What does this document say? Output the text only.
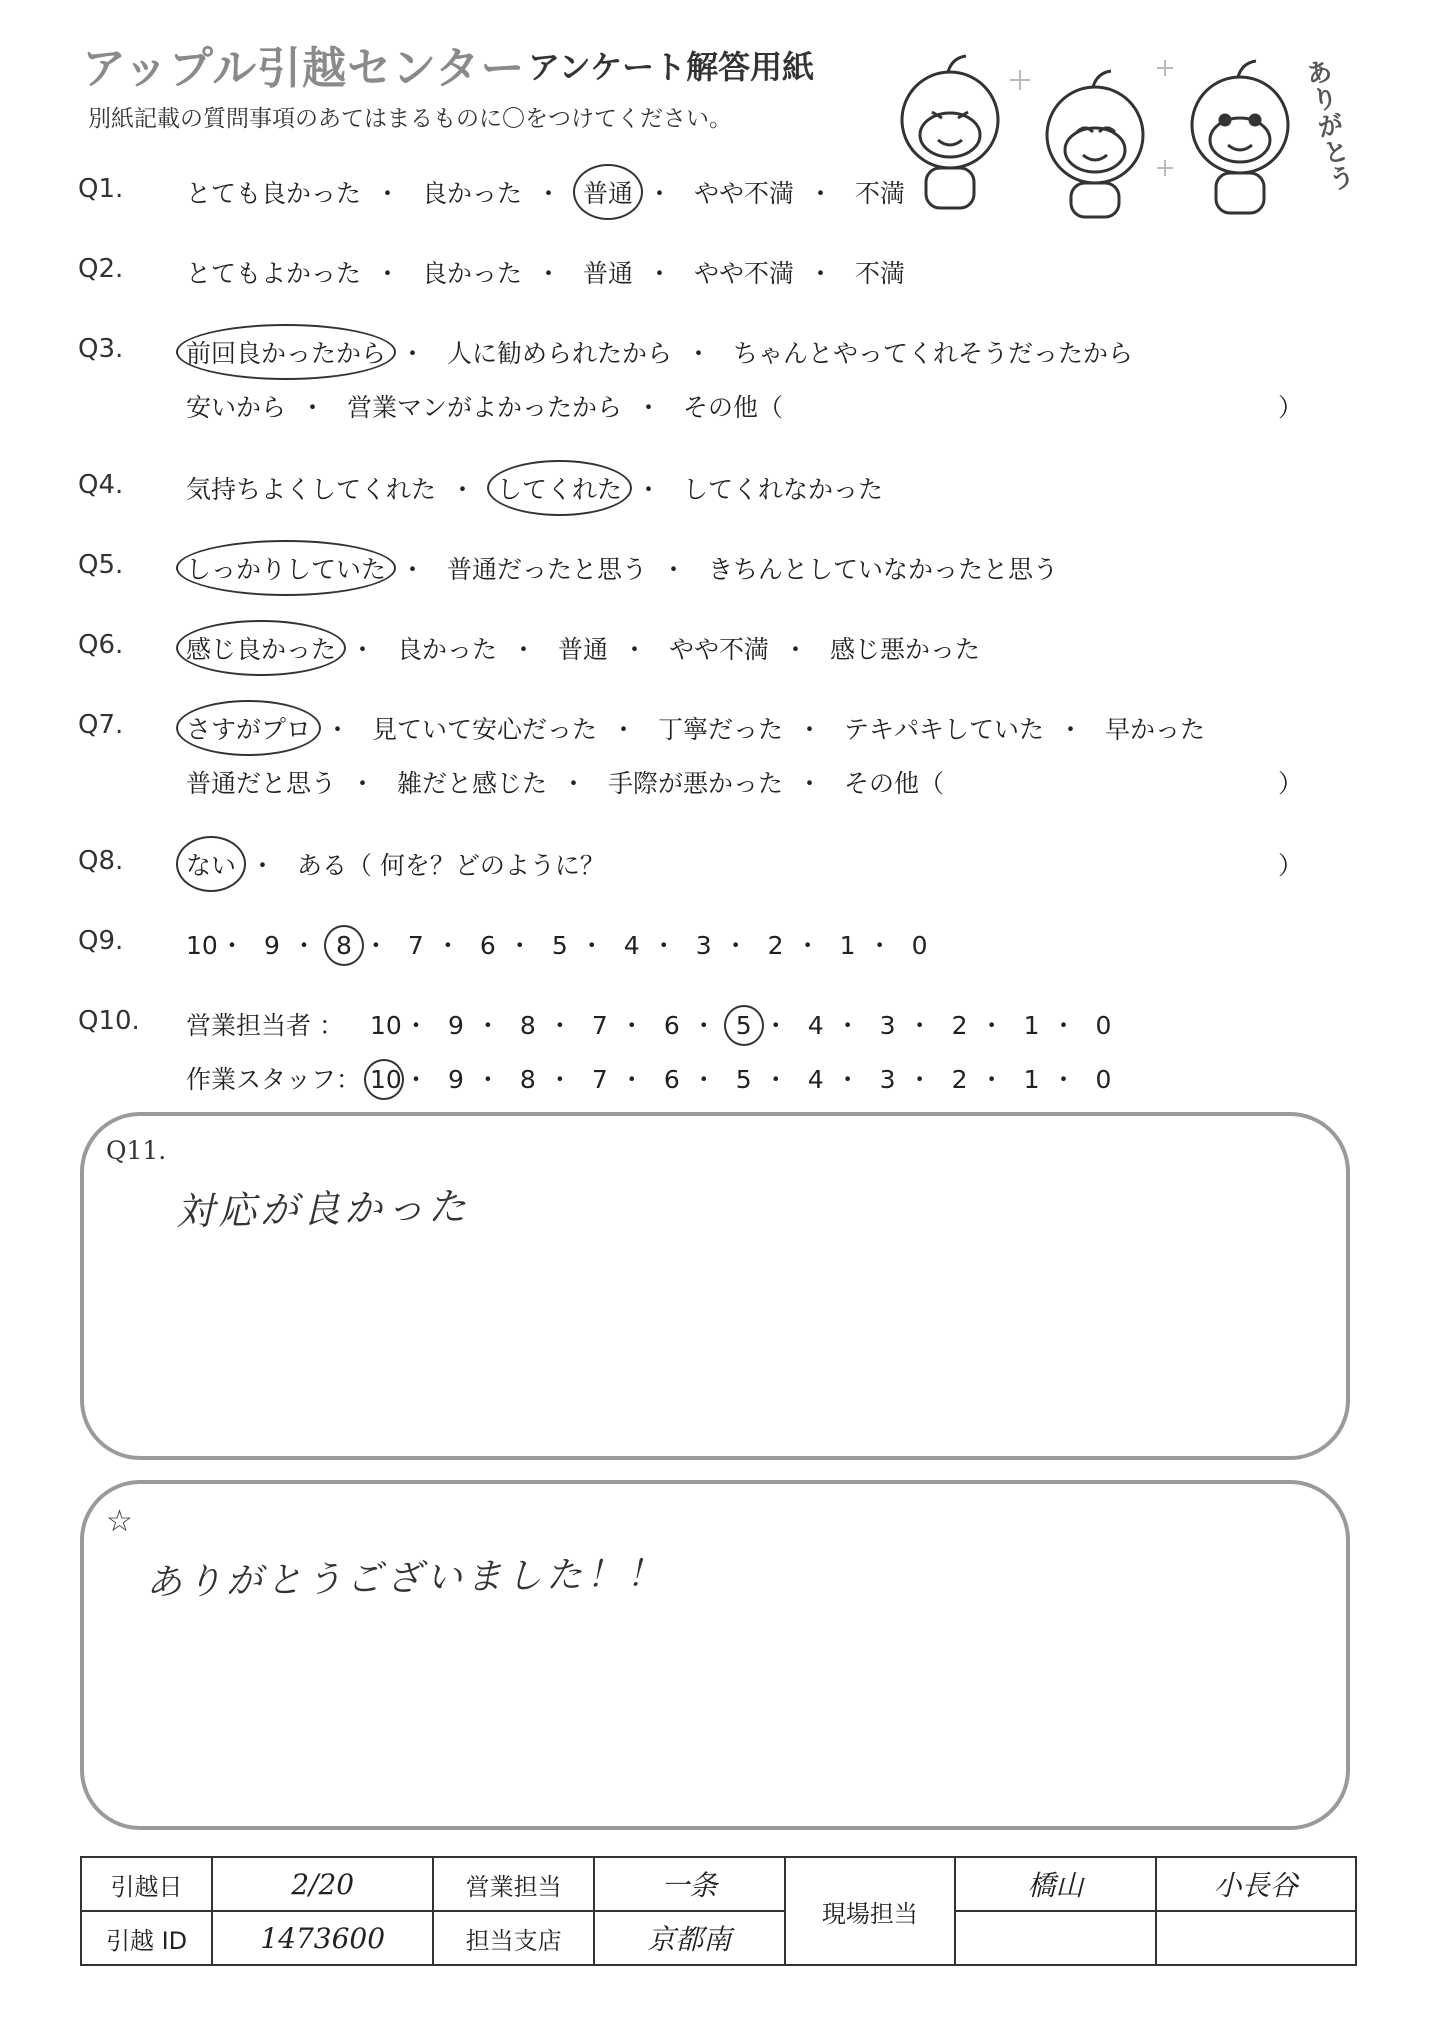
アップル引越センター アンケート解答用紙
別紙記載の質問事項のあてはまるものに〇をつけてください。	ありがとう
Q1.	とても良かった ・ 良かった ・ 普通 ・ やや不満 ・ 不満
Q2.	とてもよかった ・ 良かった ・ 普通 ・ やや不満 ・ 不満
Q3.	前回良かったから ・ 人に勧められたから ・ ちゃんとやってくれそうだったから
安いから ・ 営業マンがよかったから ・ その他（	）
Q4.	気持ちよくしてくれた ・ してくれた ・ してくれなかった
Q5.	しっかりしていた ・ 普通だったと思う ・ きちんとしていなかったと思う
Q6.	感じ良かった ・ 良かった ・ 普通 ・ やや不満 ・ 感じ悪かった
Q7.	さすがプロ ・ 見ていて安心だった ・ 丁寧だった ・ テキパキしていた ・ 早かった
普通だと思う ・ 雑だと感じた ・ 手際が悪かった ・ その他（	）
Q8.	ない ・ ある（ 何を？どのように？	）
Q9.	10・ 9 ・ 8 ・ 7 ・ 6 ・ 5 ・ 4 ・ 3 ・ 2 ・ 1 ・ 0
Q10. 営業担当者 ： 10・ 9 ・ 8 ・ 7 ・ 6 ・ 5 ・ 4 ・ 3 ・ 2 ・ 1 ・ 0
作業スタッフ： 10・ 9 ・ 8 ・ 7 ・ 6 ・ 5 ・ 4 ・ 3 ・ 2 ・ 1 ・ 0
Q11.
対応が良かった
☆
ありがとうございました！！
引越日	2/20	営業担当	一条	現場担当	橋山	小長谷
引越 ID	1473600	担当支店	京都南			
